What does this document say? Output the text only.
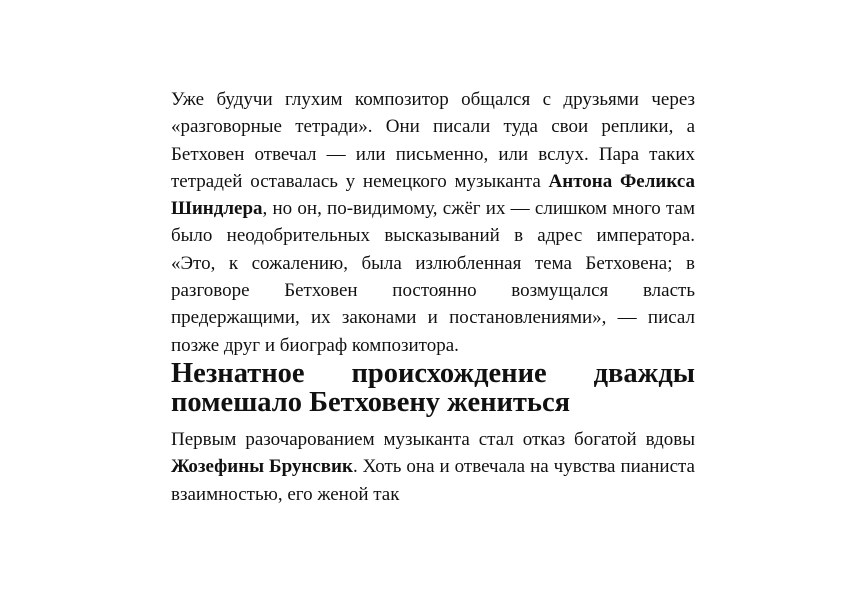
Уже будучи глухим композитор общался с друзьями через «разговорные тетради». Они писали туда свои реплики, а Бетховен отвечал — или письменно, или вслух. Пара таких тетрадей оставалась у немецкого музыканта Антона Феликса Шиндлера, но он, по-видимому, сжёг их — слишком много там было неодобрительных высказываний в адрес императора. «Это, к сожалению, была излюбленная тема Бетховена; в разговоре Бетховен постоянно возмущался власть предержащими, их законами и постановлениями», — писал позже друг и биограф композитора.

Незнатное происхождение дважды помешало Бетховену жениться

Первым разочарованием музыканта стал отказ богатой вдовы Жозефины Брунсвик. Хоть она и отвечала на чувства пианиста взаимностью, его женой так
